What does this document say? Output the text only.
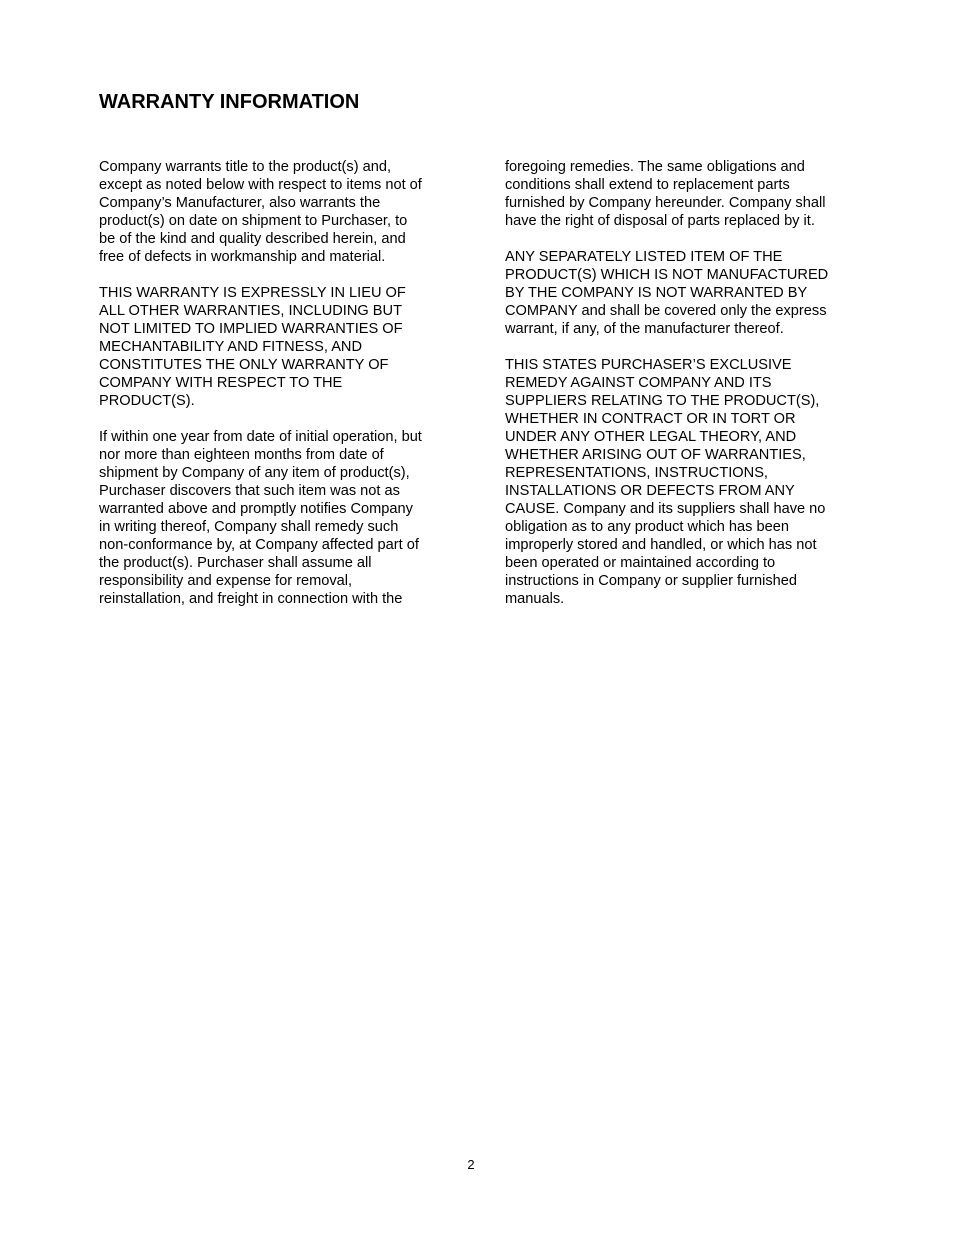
WARRANTY INFORMATION

Company warrants title to the product(s) and,
except as noted below with respect to items not of
Company’s Manufacturer, also warrants the
product(s) on date on shipment to Purchaser, to
be of the kind and quality described herein, and
free of defects in workmanship and material.

THIS WARRANTY IS EXPRESSLY IN LIEU OF
ALL OTHER WARRANTIES, INCLUDING BUT
NOT LIMITED TO IMPLIED WARRANTIES OF
MECHANTABILITY AND FITNESS, AND
CONSTITUTES THE ONLY WARRANTY OF
COMPANY WITH RESPECT TO THE
PRODUCT(S).

If within one year from date of initial operation, but
nor more than eighteen months from date of
shipment by Company of any item of product(s),
Purchaser discovers that such item was not as
warranted above and promptly notifies Company
in writing thereof, Company shall remedy such
non-conformance by, at Company affected part of
the product(s). Purchaser shall assume all
responsibility and expense for removal,
reinstallation, and freight in connection with the

foregoing remedies. The same obligations and
conditions shall extend to replacement parts
furnished by Company hereunder. Company shall
have the right of disposal of parts replaced by it.

ANY SEPARATELY LISTED ITEM OF THE
PRODUCT(S) WHICH IS NOT MANUFACTURED
BY THE COMPANY IS NOT WARRANTED BY
COMPANY and shall be covered only the express
warrant, if any, of the manufacturer thereof.

THIS STATES PURCHASER’S EXCLUSIVE
REMEDY AGAINST COMPANY AND ITS
SUPPLIERS RELATING TO THE PRODUCT(S),
WHETHER IN CONTRACT OR IN TORT OR
UNDER ANY OTHER LEGAL THEORY, AND
WHETHER ARISING OUT OF WARRANTIES,
REPRESENTATIONS, INSTRUCTIONS,
INSTALLATIONS OR DEFECTS FROM ANY
CAUSE. Company and its suppliers shall have no
obligation as to any product which has been
improperly stored and handled, or which has not
been operated or maintained according to
instructions in Company or supplier furnished
manuals.

2
